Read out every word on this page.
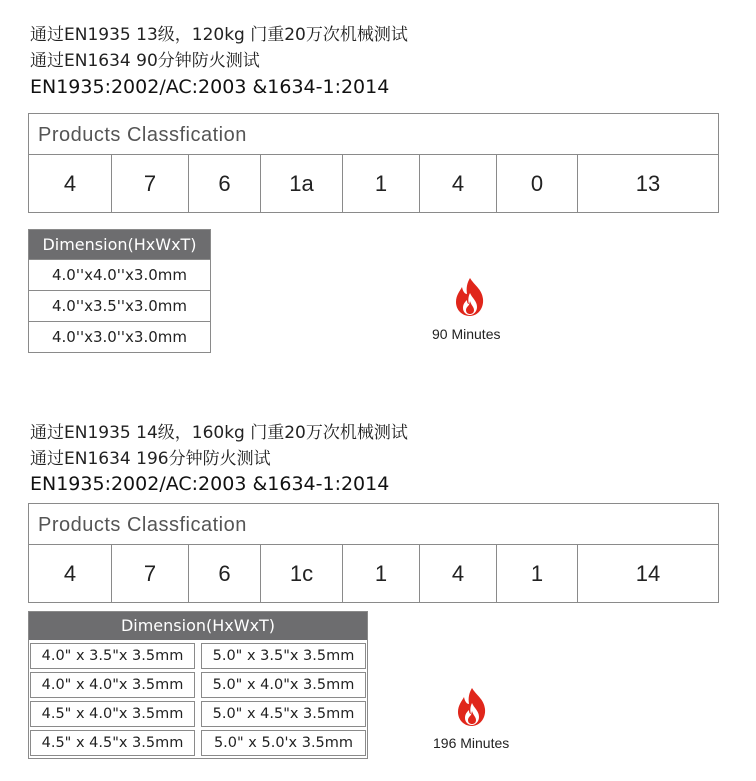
通过EN1935 13级，120kg 门重20万次机械测试
通过EN1634 90分钟防火测试
EN1935:2002/AC:2003 &1634-1:2014
Products Classfication
4	7	6	1a	1	4	0	13
Dimension(HxWxT)
4.0''x4.0''x3.0mm
4.0''x3.5''x3.0mm
4.0''x3.0''x3.0mm	90 Minutes
通过EN1935 14级，160kg 门重20万次机械测试
通过EN1634 196分钟防火测试
EN1935:2002/AC:2003 &1634-1:2014
Products Classfication
4	7	6	1c	1	4	1	14
Dimension(HxWxT)
4.0" x 3.5"x 3.5mm	5.0" x 3.5"x 3.5mm
4.0" x 4.0"x 3.5mm	5.0" x 4.0"x 3.5mm
4.5" x 4.0"x 3.5mm	5.0" x 4.5"x 3.5mm
4.5" x 4.5"x 3.5mm	5.0" x 5.0'x 3.5mm	196 Minutes
